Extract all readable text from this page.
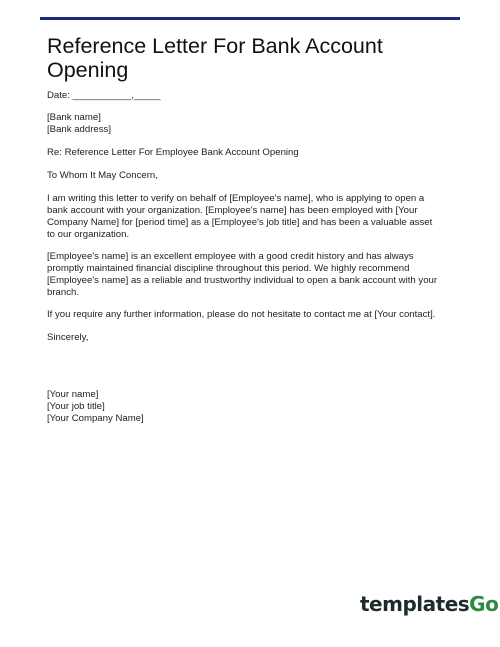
Reference Letter For Bank Account
Opening
Date: ___________,_____
[Bank name]
[Bank address]
Re: Reference Letter For Employee Bank Account Opening
To Whom It May Concern,
I am writing this letter to verify on behalf of [Employee's name], who is applying to open a
bank account with your organization. [Employee's name] has been employed with [Your
Company Name] for [period time] as a [Employee's job title] and has been a valuable asset
to our organization.
[Employee's name] is an excellent employee with a good credit history and has always
promptly maintained financial discipline throughout this period. We highly recommend
[Employee's name] as a reliable and trustworthy individual to open a bank account with your
branch.
If you require any further information, please do not hesitate to contact me at [Your contact].
Sincerely,
[Your name]
[Your job title]
[Your Company Name]
templates Go
